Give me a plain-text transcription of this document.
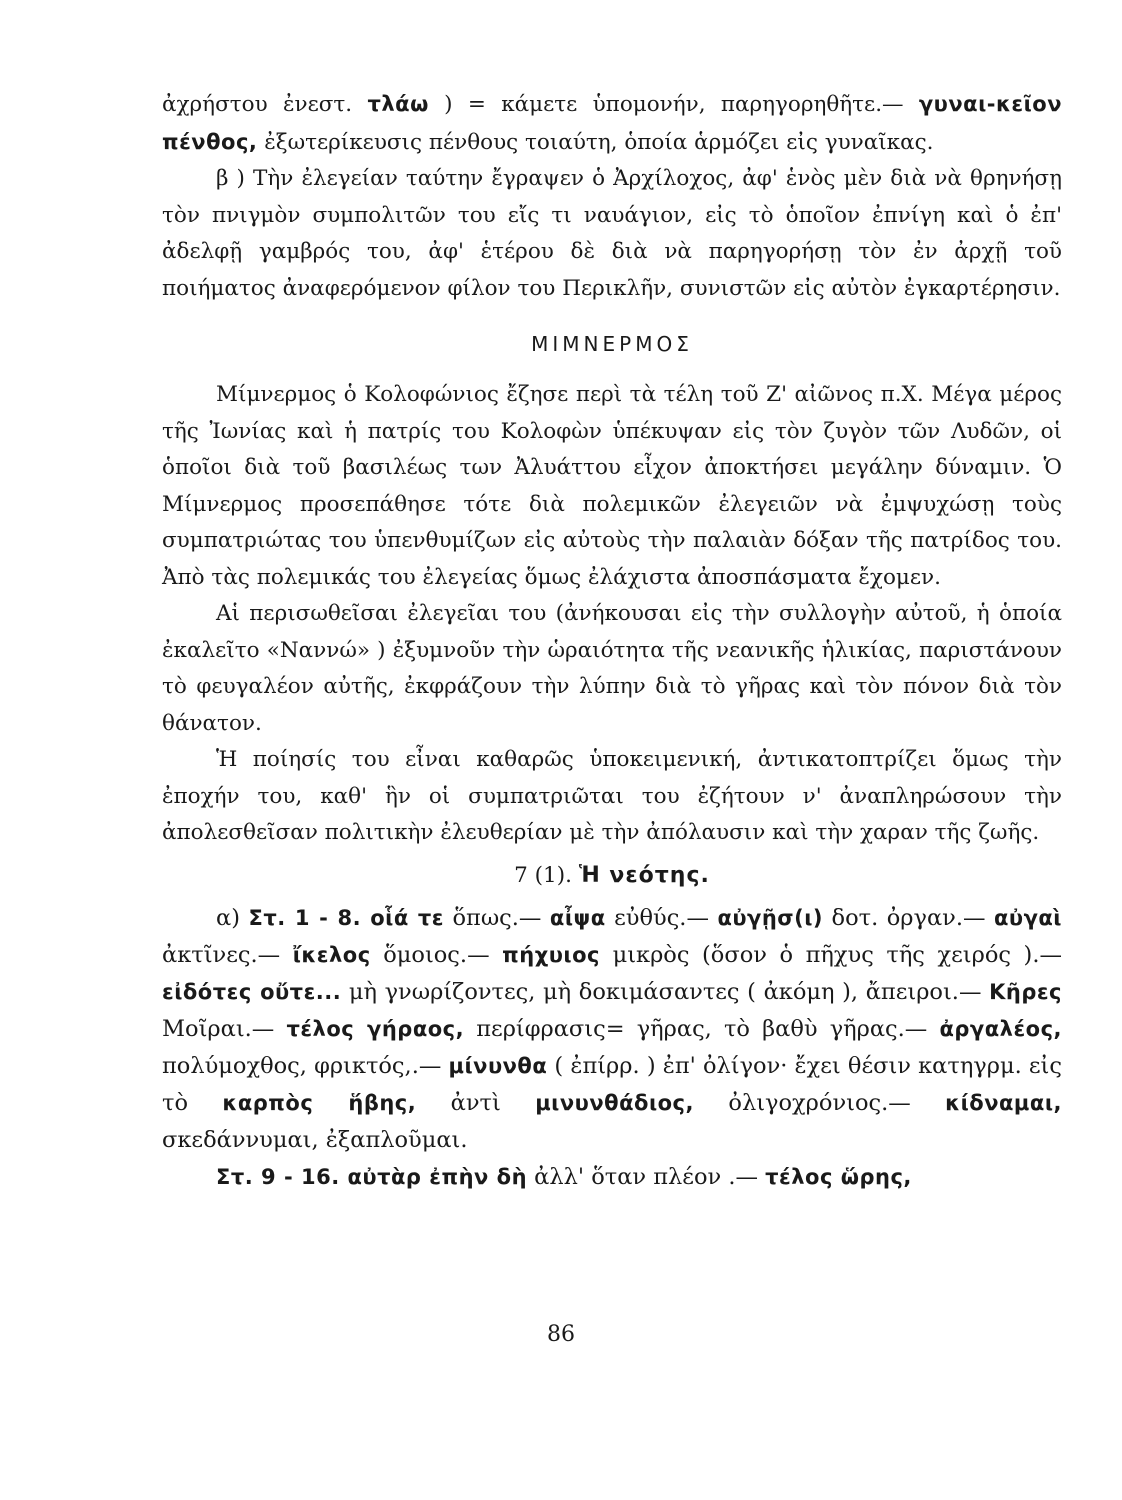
ἀχρήστου ἐνεστ. τλάω ) = κάμετε ὑπομονήν, παρηγορηθῆτε.— γυναι-κεῖον πένθος, ἐξωτερίκευσις πένθους τοιαύτη, ὁποία ἁρμόζει εἰς γυναῖκας.

β ) Τὴν ἐλεγείαν ταύτην ἔγραψεν ὁ Ἀρχίλοχος, ἀφ' ἑνὸς μὲν διὰ νὰ θρηνήσῃ τὸν πνιγμὸν συμπολιτῶν του εἴς τι ναυάγιον, εἰς τὸ ὁποῖον ἐπνίγη καὶ ὁ ἐπ' ἀδελφῇ γαμβρός του, ἀφ' ἑτέρου δὲ διὰ νὰ παρηγορήσῃ τὸν ἐν ἀρχῇ τοῦ ποιήματος ἀναφερόμενον φίλον του Περικλῆν, συνιστῶν εἰς αὐτὸν ἐγκαρτέρησιν.

ΜΙΜΝΕΡΜΟΣ

Μίμνερμος ὁ Κολοφώνιος ἔζησε περὶ τὰ τέλη τοῦ Ζ' αἰῶνος π.Χ. Μέγα μέρος τῆς Ἰωνίας καὶ ἡ πατρίς του Κολοφὼν ὑπέκυψαν εἰς τὸν ζυγὸν τῶν Λυδῶν, οἱ ὁποῖοι διὰ τοῦ βασιλέως των Ἀλυάττου εἶχον ἀποκτήσει μεγάλην δύναμιν. Ὁ Μίμνερμος προσεπάθησε τότε διὰ πολεμικῶν ἐλεγειῶν νὰ ἐμψυχώσῃ τοὺς συμπατριώτας του ὑπενθυμίζων εἰς αὐτοὺς τὴν παλαιὰν δόξαν τῆς πατρίδος του. Ἀπὸ τὰς πολεμικάς του ἐλεγείας ὅμως ἐλάχιστα ἀποσπάσματα ἔχομεν.

Αἱ περισωθεῖσαι ἐλεγεῖαι του (ἀνήκουσαι εἰς τὴν συλλογὴν αὐτοῦ, ἡ ὁποία ἐκαλεῖτο «Ναννώ» ) ἐξυμνοῦν τὴν ὡραιότητα τῆς νεανικῆς ἡλικίας, παριστάνουν τὸ φευγαλέον αὐτῆς, ἐκφράζουν τὴν λύπην διὰ τὸ γῆρας καὶ τὸν πόνον διὰ τὸν θάνατον.

Ἡ ποίησίς του εἶναι καθαρῶς ὑποκειμενική, ἀντικατοπτρίζει ὅμως τὴν ἐποχήν του, καθ' ἣν οἱ συμπατριῶται του ἐζήτουν ν' ἀναπληρώσουν τὴν ἀπολεσθεῖσαν πολιτικὴν ἐλευθερίαν μὲ τὴν ἀπόλαυσιν καὶ τὴν χαραν τῆς ζωῆς.

7 (1). Ἡ νεότης.

α) Στ. 1 - 8. οἷά τε ὅπως.— αἶψα εὐθύς.— αὐγῇσ(ι) δοτ. ὀργαν.— αὐγαὶ ἀκτῖνες.— ἴκελος ὅμοιος.— πήχυιος μικρὸς (ὅσον ὁ πῆχυς τῆς χειρός ).— εἰδότες οὔτε... μὴ γνωρίζοντες, μὴ δοκιμάσαντες ( ἀκόμη ), ἄπειροι.— Κῆρες Μοῖραι.— τέλος γήραος, περίφρασις= γῆρας, τὸ βαθὺ γῆρας.— ἀργαλέος, πολύμοχθος, φρικτός,.— μίνυνθα ( ἐπίρρ. ) ἐπ' ὀλίγον· ἔχει θέσιν κατηγρμ. εἰς τὸ καρπὸς ἥβης, ἀντὶ μινυνθάδιος, ὀλιγοχρόνιος.— κίδναμαι, σκεδάννυμαι, ἐξαπλοῦμαι.

Στ. 9 - 16. αὐτὰρ ἐπὴν δὴ ἀλλ' ὅταν πλέον .— τέλος ὥρης,

86
